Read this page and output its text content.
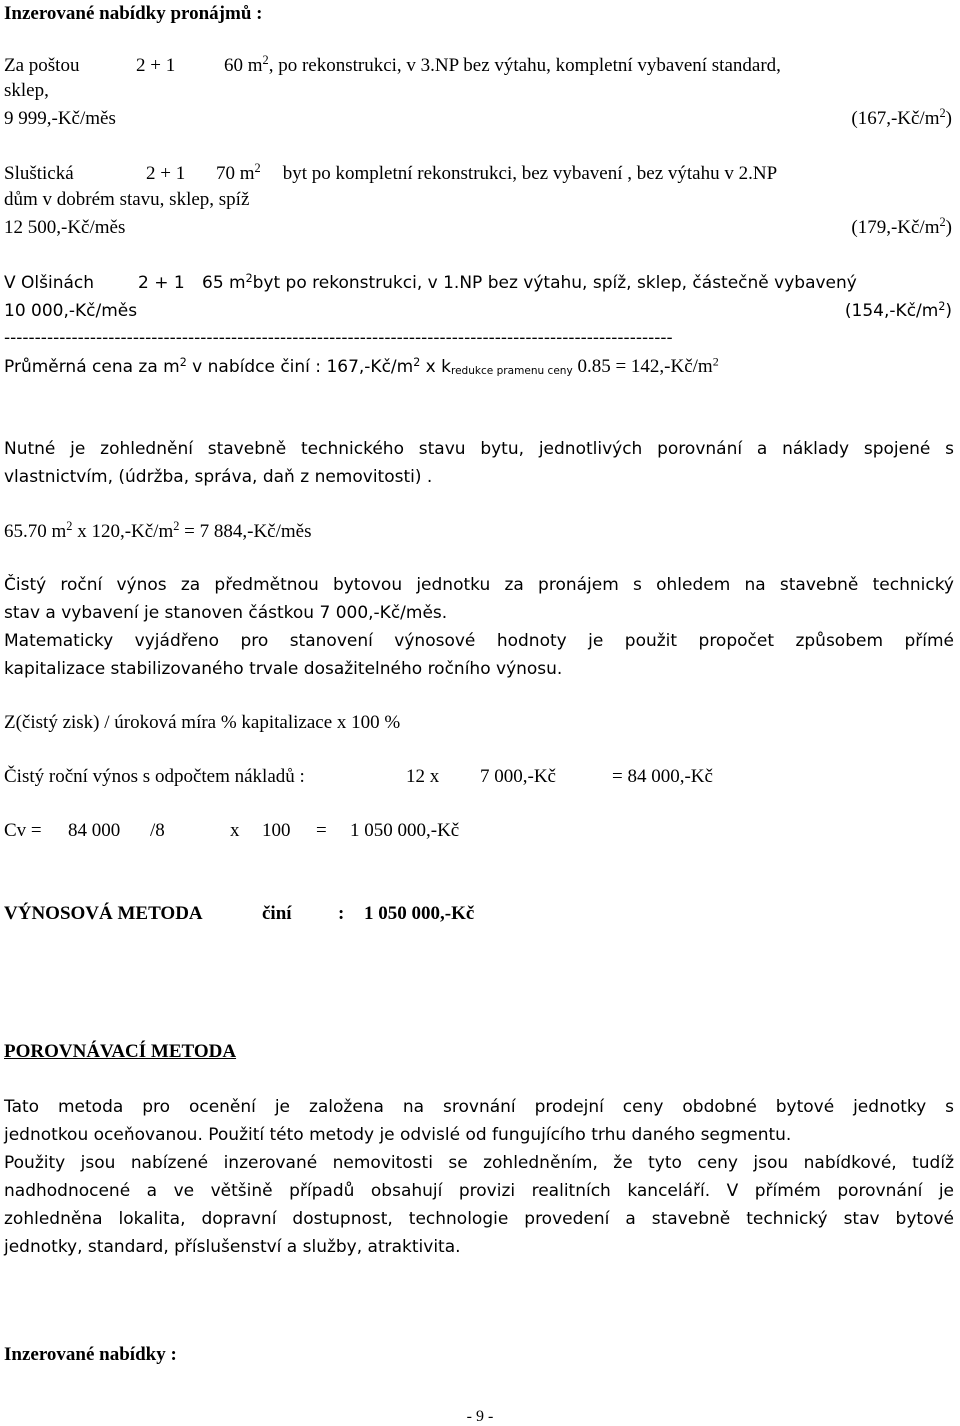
Inzerované nabídky pronájmů :
Za poštou	2 + 1	60 $m^2$, po rekonstrukci, v 3.NP bez výtahu, kompletní vybavení standard,
sklep,
9 999,-Kč/měs	$(167,-Kč/m^2)$
Sluštická	2 + 1 70 $m^2$ byt po kompletní rekonstrukci, bez vybavení , bez výtahu v 2.NP
dům v dobrém stavu, sklep, spíž
12 500,-Kč/měs	$(179,-Kč/m^2)$
V Olšinách	2 + 1 65 $m^2byt$ po rekonstrukci, v 1.NP bez výtahu, spíž, sklep, částečně vybavený
10 000,-Kč/měs	$(154,-Kč/m^2)$
-------------------------------------------------------------------------------------------------------------
Průměrná cena za $m^2$ v nabídce činí : $167,-Kč/m^2$ x $k_{redukce pramenu ceny}$ $0.85 = 142,-Kč/m^2$
Nutné je zohlednění stavebně technického stavu bytu, jednotlivých porovnání a náklady spojené s
vlastnictvím, (údržba, správa, daň z nemovitosti) .
65.70 $m^2$ x $120,-Kč/m^2 = 7$ 884,-Kč/měs
Čistý roční výnos za předmětnou bytovou jednotku za pronájem s ohledem na stavebně technický
stav a vybavení je stanoven částkou 7 000,-Kč/měs.
Matematicky vyjádřeno pro stanovení výnosové hodnoty je použit propočet způsobem přímé
kapitalizace stabilizovaného trvale dosažitelného ročního výnosu.
Z(čistý zisk) / úroková míra % kapitalizace x 100 %
Čistý roční výnos s odpočtem nákladů :	12 x 7 000,-Kč	= 84 000,-Kč
Cv = 84 000 /8	x 100 = 1 050 000,-Kč
VÝNOSOVÁ METODA	činí : 1 050 000,-Kč
POROVNÁVACÍ METODA
Tato metoda pro ocenění je založena na srovnání prodejní ceny obdobné bytové jednotky s
jednotkou oceňovanou. Použití této metody je odvislé od fungujícího trhu daného segmentu.
Použity jsou nabízené inzerované nemovitosti se zohledněním, že tyto ceny jsou nabídkové, tudíž
nadhodnocené a ve většině případů obsahují provizi realitních kanceláří. V přímém porovnání je
zohledněna lokalita, dopravní dostupnost, technologie provedení a stavebně technický stav bytové
jednotky, standard, příslušenství a služby, atraktivita.
Inzerované nabídky :
- 9 -
